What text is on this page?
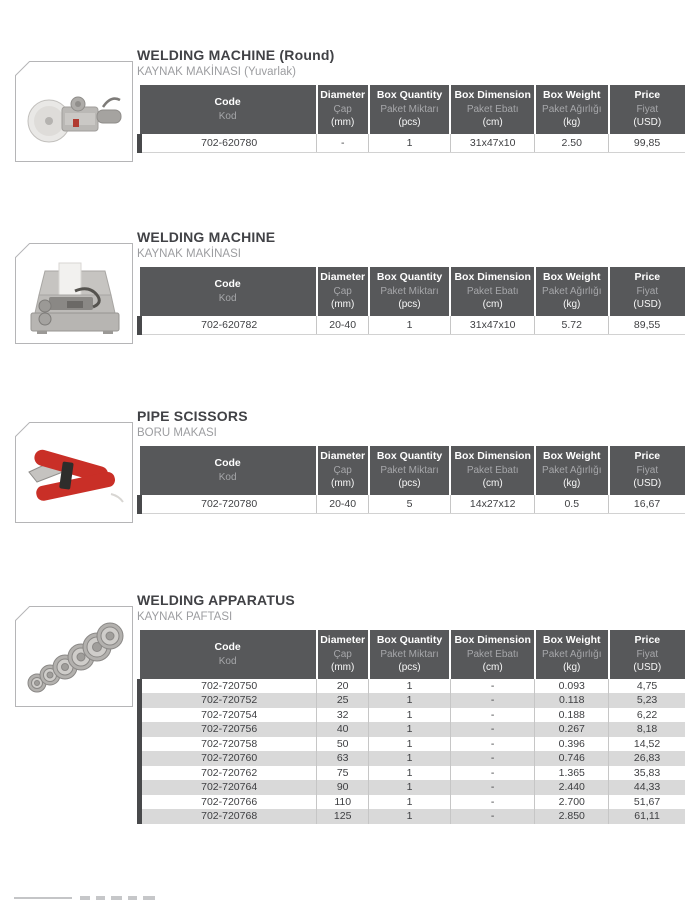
WELDING MACHINE (Round)
KAYNAK MAKİNASI (Yuvarlak)
Code
Kod

Diameter
Çap
(mm)

Box Quantity
Paket Miktarı
(pcs)

Box Dimension
Paket Ebatı
(cm)

Box Weight
Paket Ağırlığı
(kg)

Price
Fiyat
(USD)

702-620780	-	1	31x47x10	2.50	99,85
WELDING MACHINE
KAYNAK MAKİNASI
Code
Kod

Diameter
Çap
(mm)

Box Quantity
Paket Miktarı
(pcs)

Box Dimension
Paket Ebatı
(cm)

Box Weight
Paket Ağırlığı
(kg)

Price
Fiyat
(USD)

702-620782	20-40	1	31x47x10	5.72	89,55
PIPE SCISSORS
BORU MAKASI
Code
Kod

Diameter
Çap
(mm)

Box Quantity
Paket Miktarı
(pcs)

Box Dimension
Paket Ebatı
(cm)

Box Weight
Paket Ağırlığı
(kg)

Price
Fiyat
(USD)

702-720780	20-40	5	14x27x12	0.5	16,67
WELDING APPARATUS
KAYNAK PAFTASI
Code
Kod

Diameter
Çap
(mm)

Box Quantity
Paket Miktarı
(pcs)

Box Dimension
Paket Ebatı
(cm)

Box Weight
Paket Ağırlığı
(kg)

Price
Fiyat
(USD)

702-720750	20	1	-	0.093	4,75
702-720752	25	1	-	0.118	5,23
702-720754	32	1	-	0.188	6,22
702-720756	40	1	-	0.267	8,18
702-720758	50	1	-	0.396	14,52
702-720760	63	1	-	0.746	26,83
702-720762	75	1	-	1.365	35,83
702-720764	90	1	-	2.440	44,33
702-720766	110	1	-	2.700	51,67
702-720768	125	1	-	2.850	61,11
